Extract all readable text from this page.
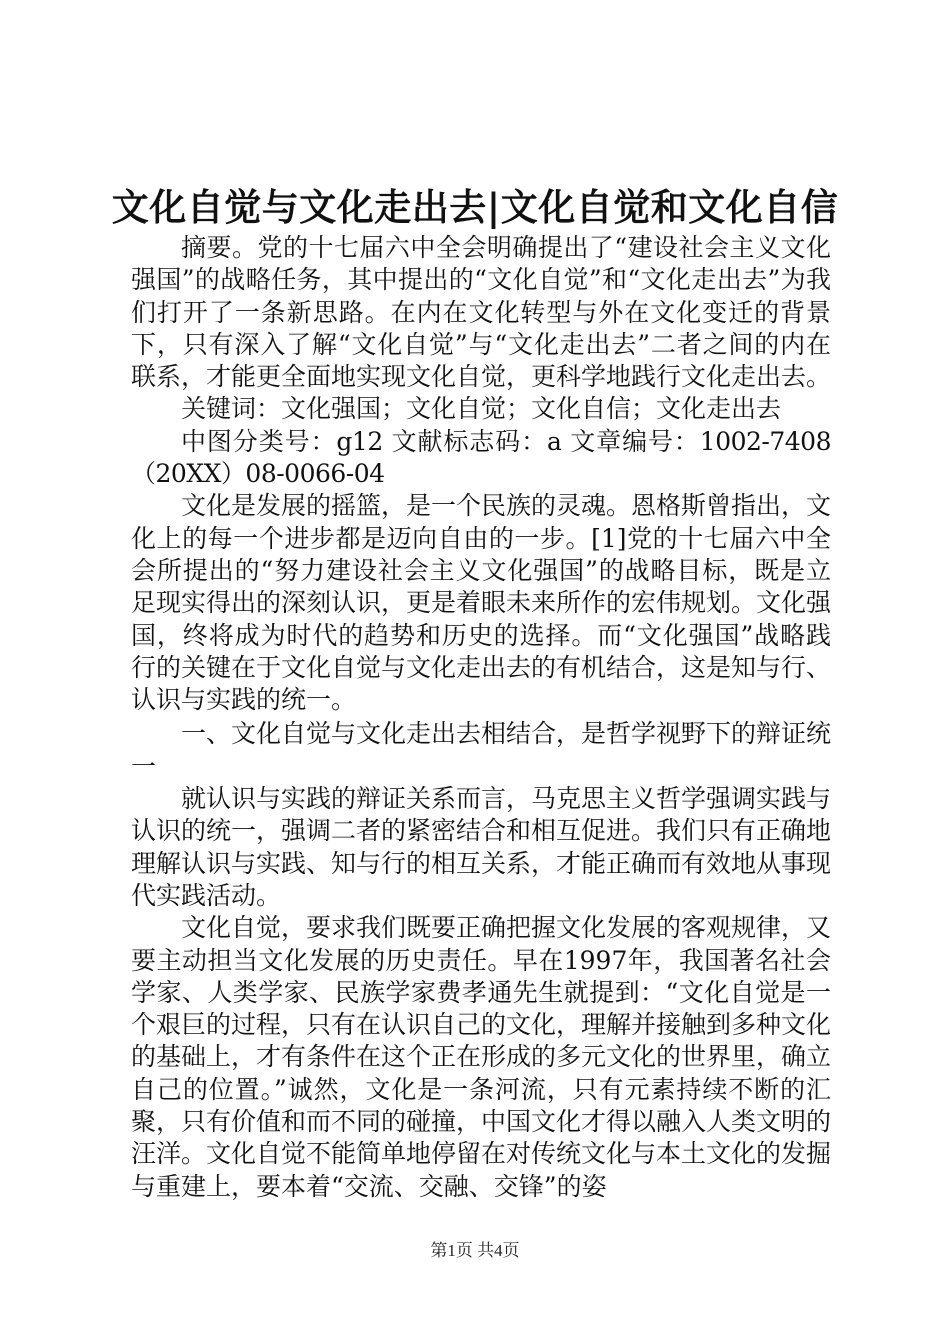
文化自觉与文化走出去|文化自觉和文化自信

摘要。党的十七届六中全会明确提出了“建设社会主义文化强国”的战略任务，其中提出的“文化自觉”和“文化走出去”为我们打开了一条新思路。在内在文化转型与外在文化变迁的背景下，只有深入了解“文化自觉”与“文化走出去”二者之间的内在联系，才能更全面地实现文化自觉，更科学地践行文化走出去。

关键词：文化强国；文化自觉；文化自信；文化走出去

中图分类号：g12 文献标志码：a 文章编号：1002-7408（20XX）08-0066-04

文化是发展的摇篮，是一个民族的灵魂。恩格斯曾指出，文化上的每一个进步都是迈向自由的一步。[1]党的十七届六中全会所提出的“努力建设社会主义文化强国”的战略目标，既是立足现实得出的深刻认识，更是着眼未来所作的宏伟规划。文化强国，终将成为时代的趋势和历史的选择。而“文化强国”战略践行的关键在于文化自觉与文化走出去的有机结合，这是知与行、认识与实践的统一。

一、文化自觉与文化走出去相结合，是哲学视野下的辩证统一

就认识与实践的辩证关系而言，马克思主义哲学强调实践与认识的统一，强调二者的紧密结合和相互促进。我们只有正确地理解认识与实践、知与行的相互关系，才能正确而有效地从事现代实践活动。

文化自觉，要求我们既要正确把握文化发展的客观规律，又要主动担当文化发展的历史责任。早在1997年，我国著名社会学家、人类学家、民族学家费孝通先生就提到：“文化自觉是一个艰巨的过程，只有在认识自己的文化，理解并接触到多种文化的基础上，才有条件在这个正在形成的多元文化的世界里，确立自己的位置。”诚然，文化是一条河流，只有元素持续不断的汇聚，只有价值和而不同的碰撞，中国文化才得以融入人类文明的汪洋。文化自觉不能简单地停留在对传统文化与本土文化的发掘与重建上，要本着“交流、交融、交锋”的姿

第1页 共4页
